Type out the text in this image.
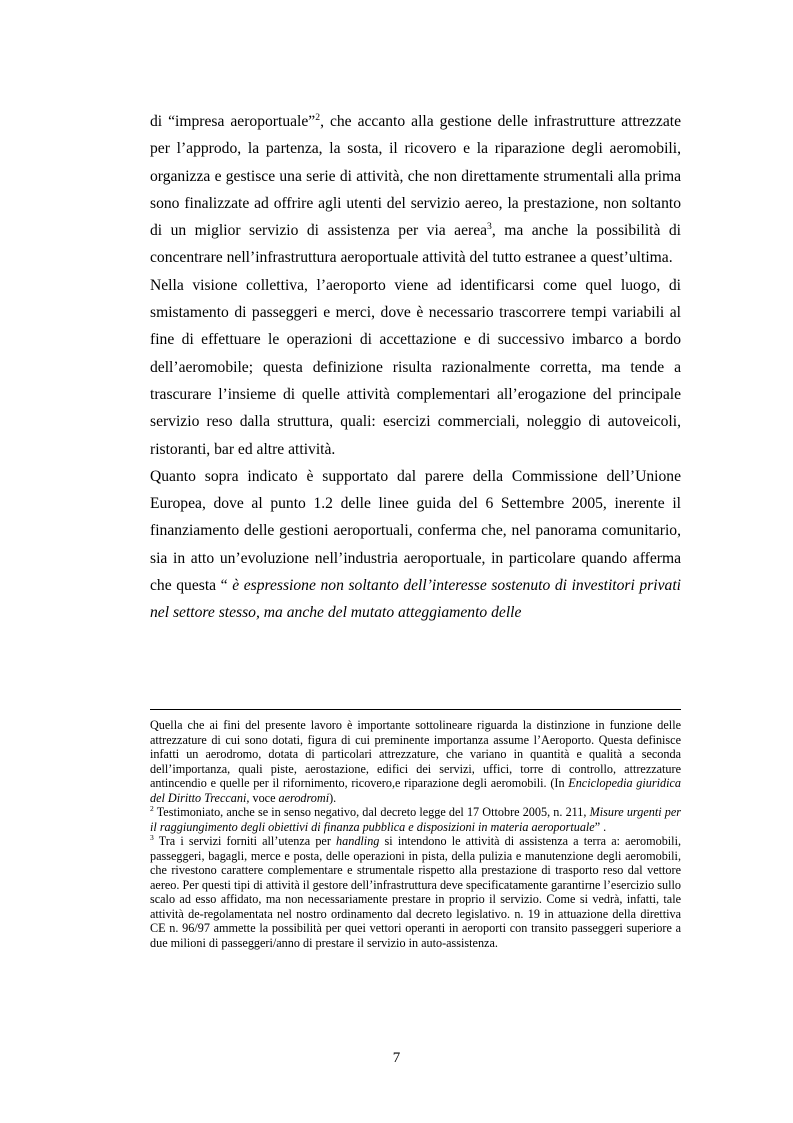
di “impresa aeroportuale”$^2$, che accanto alla gestione delle infrastrutture attrezzate per l’approdo, la partenza, la sosta, il ricovero e la riparazione degli aeromobili, organizza e gestisce una serie di attività, che non direttamente strumentali alla prima sono finalizzate ad offrire agli utenti del servizio aereo, la prestazione, non soltanto di un miglior servizio di assistenza per via aerea$^3$, ma anche la possibilità di concentrare nell’infrastruttura aeroportuale attività del tutto estranee a quest’ultima.

Nella visione collettiva, l’aeroporto viene ad identificarsi come quel luogo, di smistamento di passeggeri e merci, dove è necessario trascorrere tempi variabili al fine di effettuare le operazioni di accettazione e di successivo imbarco a bordo dell’aeromobile; questa definizione risulta razionalmente corretta, ma tende a trascurare l’insieme di quelle attività complementari all’erogazione del principale servizio reso dalla struttura, quali: esercizi commerciali, noleggio di autoveicoli, ristoranti, bar ed altre attività.

Quanto sopra indicato è supportato dal parere della Commissione dell’Unione Europea, dove al punto 1.2 delle linee guida del 6 Settembre 2005, inerente il finanziamento delle gestioni aeroportuali, conferma che, nel panorama comunitario, sia in atto un’evoluzione nell’industria aeroportuale, in particolare quando afferma che questa “ è espressione non soltanto dell’interesse sostenuto di investitori privati nel settore stesso, ma anche del mutato atteggiamento delle

Quella che ai fini del presente lavoro è importante sottolineare riguarda la distinzione in funzione delle attrezzature di cui sono dotati, figura di cui preminente importanza assume l’Aeroporto. Questa definisce infatti un aerodromo, dotata di particolari attrezzature, che variano in quantità e qualità a seconda dell’importanza, quali piste, aerostazione, edifici dei servizi, uffici, torre di controllo, attrezzature antincendio e quelle per il rifornimento, ricovero,e riparazione degli aeromobili. (In Enciclopedia giuridica del Diritto Treccani, voce aerodromi).

$^2$ Testimoniato, anche se in senso negativo, dal decreto legge del 17 Ottobre 2005, n. 211, Misure urgenti per il raggiungimento degli obiettivi di finanza pubblica e disposizioni in materia aeroportuale” .

$^3$ Tra i servizi forniti all’utenza per handling si intendono le attività di assistenza a terra a: aeromobili, passeggeri, bagagli, merce e posta, delle operazioni in pista, della pulizia e manutenzione degli aeromobili, che rivestono carattere complementare e strumentale rispetto alla prestazione di trasporto reso dal vettore aereo. Per questi tipi di attività il gestore dell’infrastruttura deve specificatamente garantirne l’esercizio sullo scalo ad esso affidato, ma non necessariamente prestare in proprio il servizio. Come si vedrà, infatti, tale attività de-regolamentata nel nostro ordinamento dal decreto legislativo. n. 19 in attuazione della direttiva CE n. 96/97 ammette la possibilità per quei vettori operanti in aeroporti con transito passeggeri superiore a due milioni di passeggeri/anno di prestare il servizio in auto-assistenza.

7
